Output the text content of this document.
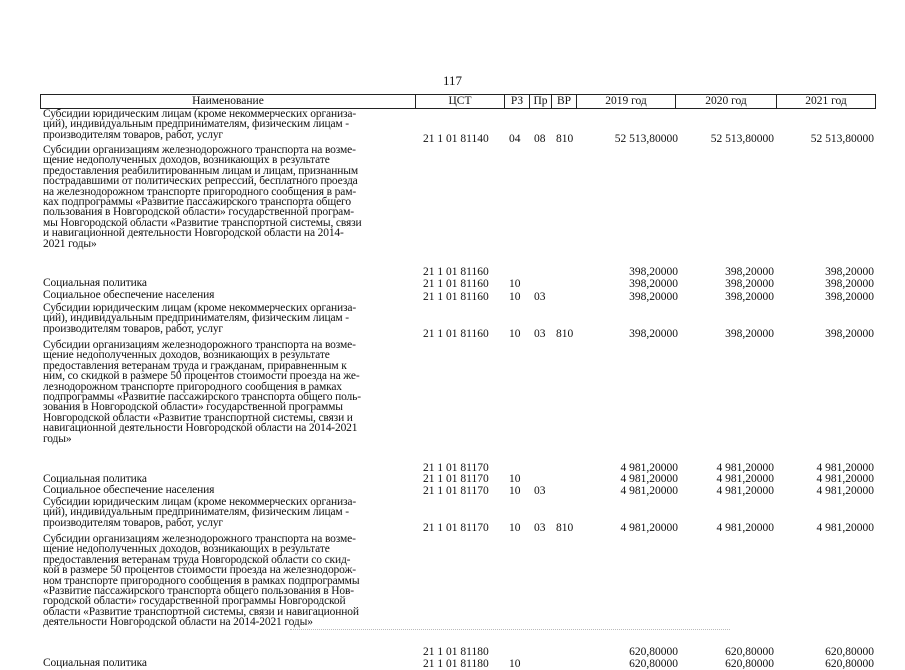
117
Наименование	ЦСТ	РЗ Пр ВР	2019 год	2020 год	2021 год
Субсидии юридическим лицам (кроме некоммерческих организа-
ций), индивидуальным предпринимателям, физическим лицам -
производителям товаров, работ, услуг	21 1 01 81140 04 08 810	52 513,80000	52 513,80000	52 513,80000
Субсидии организациям железнодорожного транспорта на возме-
щение недополученных доходов, возникающих в результате
предоставления реабилитированным лицам и лицам, признанным
пострадавшими от политических репрессий, бесплатного проезда
на железнодорожном транспорте пригородного сообщения в рам-
ках подпрограммы «Развитие пассажирского транспорта общего
пользования в Новгородской области» государственной програм-
мы Новгородской области «Развитие транспортной системы, связи
и навигационной деятельности Новгородской области на 2014-
2021 годы»
21 1 01 81160	398,20000	398,20000	398,20000
Социальная политика	21 1 01 81160 10	398,20000	398,20000	398,20000
Социальное обеспечение населения	21 1 01 81160 10 03	398,20000	398,20000	398,20000
Субсидии юридическим лицам (кроме некоммерческих организа-
ций), индивидуальным предпринимателям, физическим лицам -
производителям товаров, работ, услуг	21 1 01 81160 10 03 810	398,20000	398,20000	398,20000
Субсидии организациям железнодорожного транспорта на возме-
щение недополученных доходов, возникающих в результате
предоставления ветеранам труда и гражданам, приравненным к
ним, со скидкой в размере 50 процентов стоимости проезда на же-
лезнодорожном транспорте пригородного сообщения в рамках
подпрограммы «Развитие пассажирского транспорта общего поль-
зования в Новгородской области» государственной программы
Новгородской области «Развитие транспортной системы, связи и
навигационной деятельности Новгородской области на 2014-2021
годы»
21 1 01 81170	4 981,20000	4 981,20000	4 981,20000
Социальная политика	21 1 01 81170 10	4 981,20000	4 981,20000	4 981,20000
Социальное обеспечение населения	21 1 01 81170 10 03	4 981,20000	4 981,20000	4 981,20000
Субсидии юридическим лицам (кроме некоммерческих организа-
ций), индивидуальным предпринимателям, физическим лицам -
производителям товаров, работ, услуг	21 1 01 81170 10 03 810	4 981,20000	4 981,20000	4 981,20000
Субсидии организациям железнодорожного транспорта на возме-
щение недополученных доходов, возникающих в результате
предоставления ветеранам труда Новгородской области со скид-
кой в размере 50 процентов стоимости проезда на железнодорож-
ном транспорте пригородного сообщения в рамках подпрограммы
«Развитие пассажирского транспорта общего пользования в Нов-
городской области» государственной программы Новгородской
области «Развитие транспортной системы, связи и навигационной
деятельности Новгородской области на 2014-2021 годы»
21 1 01 81180	620,80000	620,80000	620,80000
Социальная политика	21 1 01 81180 10	620,80000	620,80000	620,80000
